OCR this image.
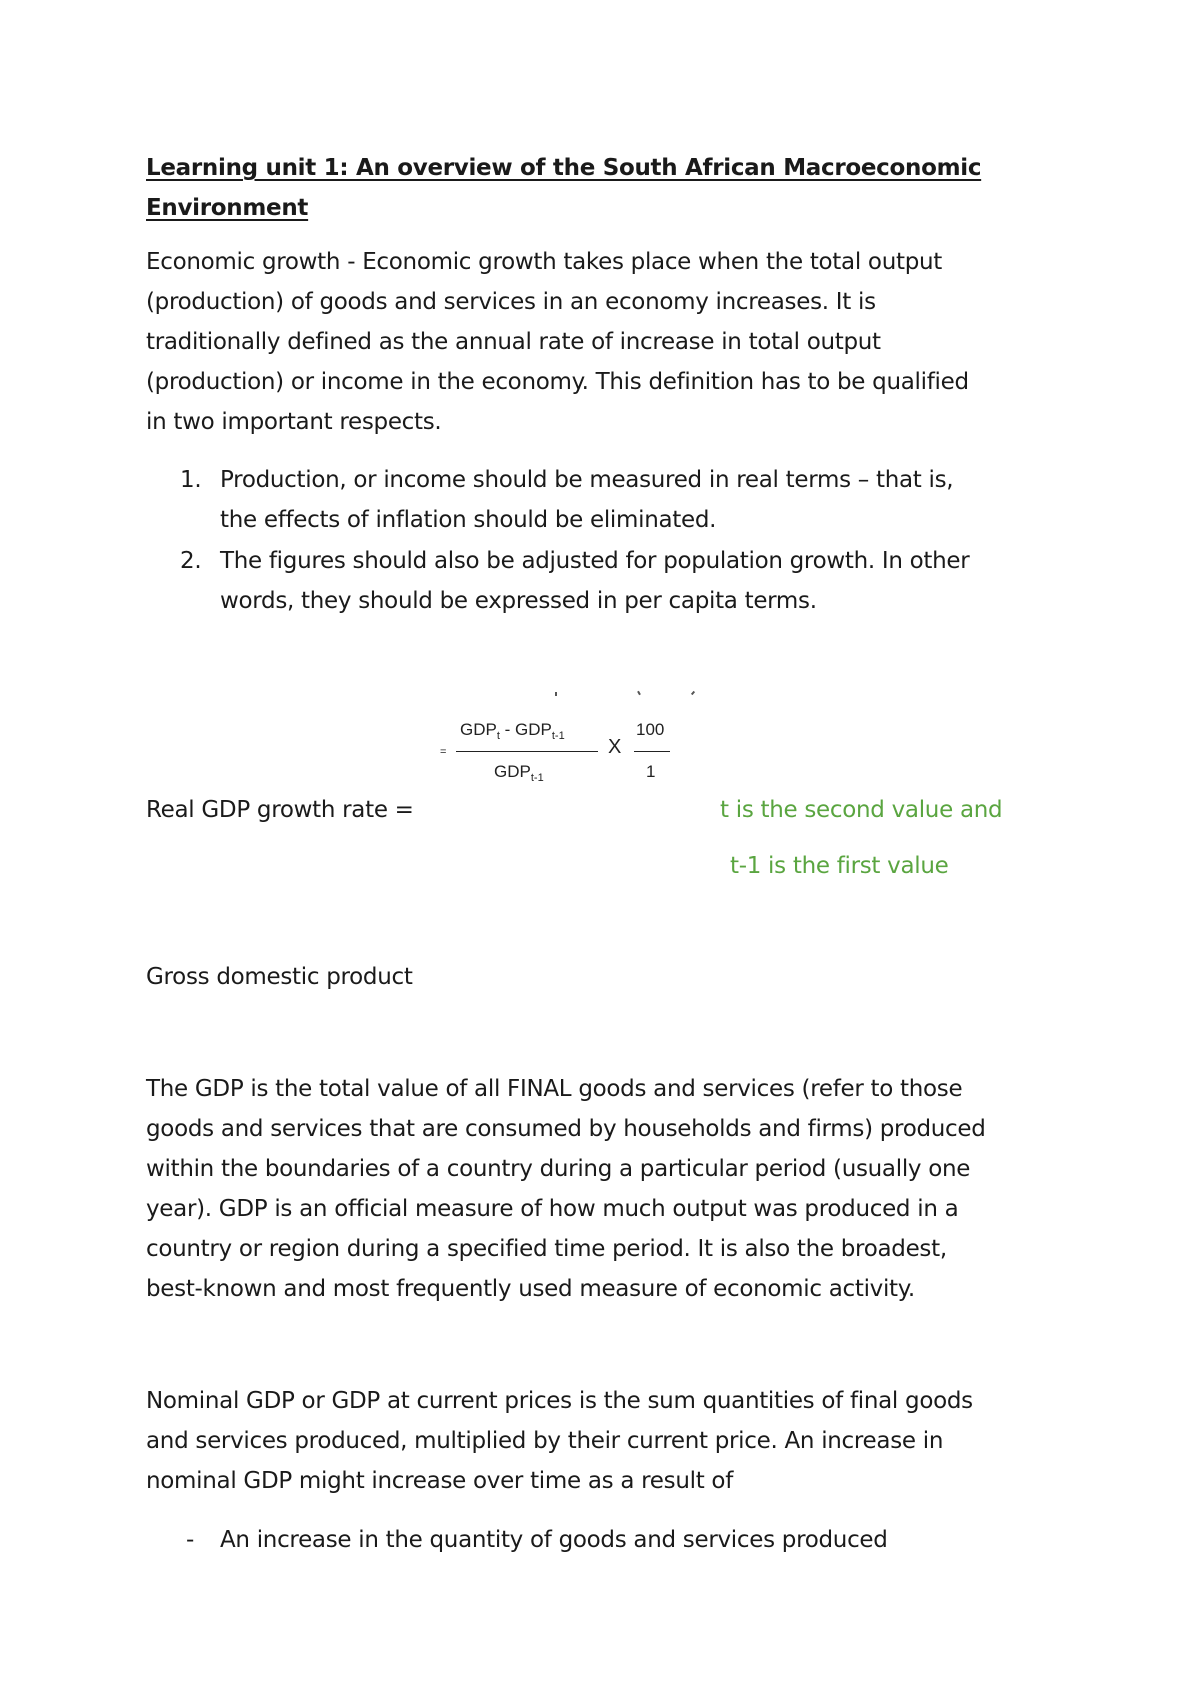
Learning unit 1: An overview of the South African Macroeconomic
Environment
Economic growth - Economic growth takes place when the total output
(production) of goods and services in an economy increases. It is
traditionally defined as the annual rate of increase in total output
(production) or income in the economy. This definition has to be qualified
in two important respects.
1. Production, or income should be measured in real terms – that is,
the effects of inflation should be eliminated.
2. The figures should also be adjusted for population growth. In other
words, they should be expressed in per capita terms.
=
$GDP_t - GDP_{t-1}$
$GDP_{t-1}$
X
100
1
Real GDP growth rate =	t is the second value and
t-1 is the first value
Gross domestic product
The GDP is the total value of all FINAL goods and services (refer to those
goods and services that are consumed by households and firms) produced
within the boundaries of a country during a particular period (usually one
year). GDP is an official measure of how much output was produced in a
country or region during a specified time period. It is also the broadest,
best-known and most frequently used measure of economic activity.
Nominal GDP or GDP at current prices is the sum quantities of final goods
and services produced, multiplied by their current price. An increase in
nominal GDP might increase over time as a result of
- An increase in the quantity of goods and services produced
